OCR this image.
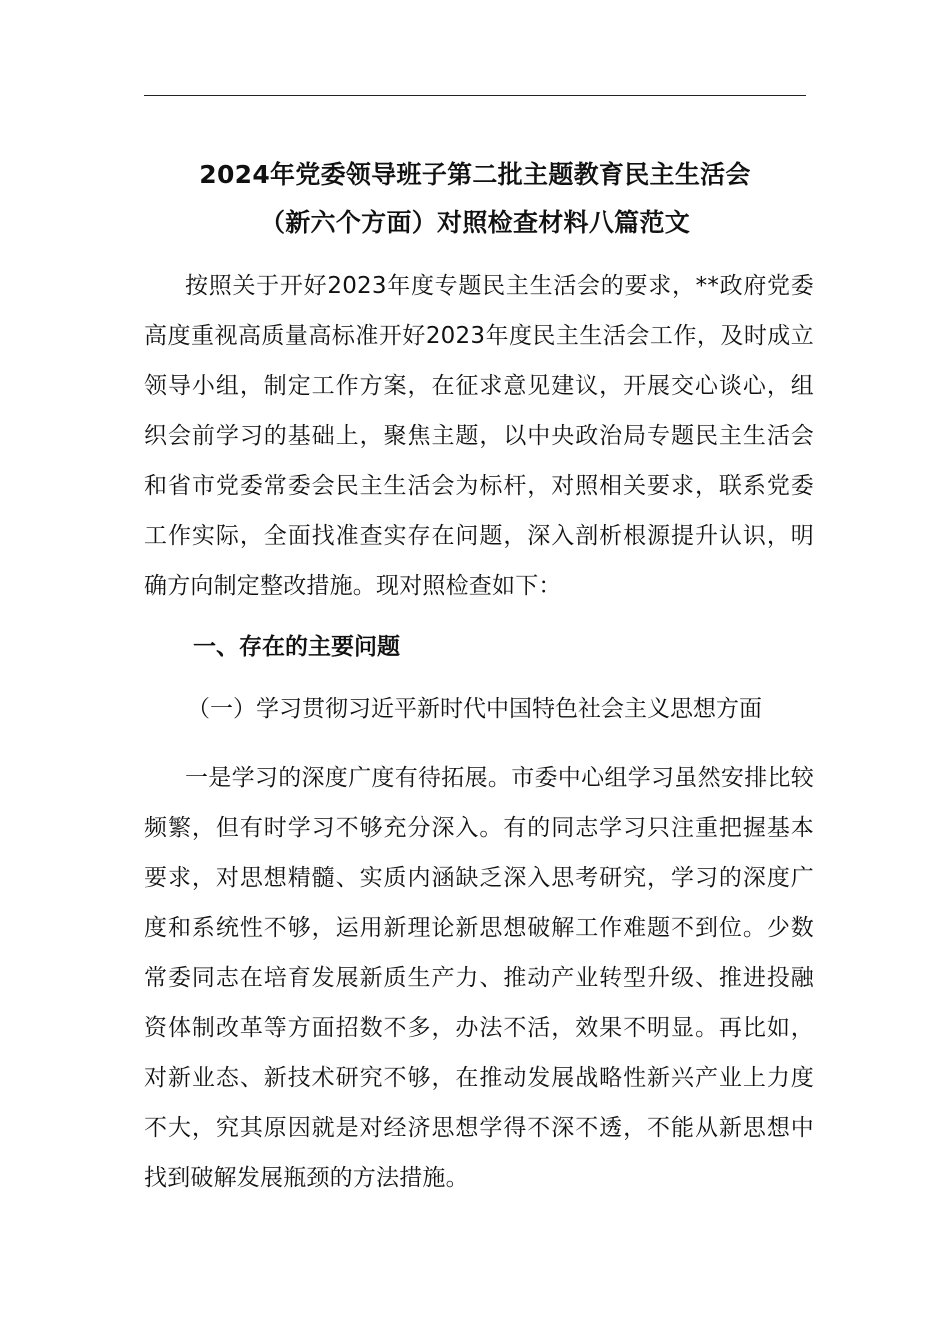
2024年党委领导班子第二批主题教育民主生活会
（新六个方面）对照检查材料八篇范文

按照关于开好2023年度专题民主生活会的要求，**政府党委高度重视高质量高标准开好2023年度民主生活会工作，及时成立领导小组，制定工作方案，在征求意见建议，开展交心谈心，组织会前学习的基础上，聚焦主题，以中央政治局专题民主生活会和省市党委常委会民主生活会为标杆，对照相关要求，联系党委工作实际，全面找准查实存在问题，深入剖析根源提升认识，明确方向制定整改措施。现对照检查如下：

一、存在的主要问题
（一）学习贯彻习近平新时代中国特色社会主义思想方面

一是学习的深度广度有待拓展。市委中心组学习虽然安排比较频繁，但有时学习不够充分深入。有的同志学习只注重把握基本要求，对思想精髓、实质内涵缺乏深入思考研究，学习的深度广度和系统性不够，运用新理论新思想破解工作难题不到位。少数常委同志在培育发展新质生产力、推动产业转型升级、推进投融资体制改革等方面招数不多，办法不活，效果不明显。再比如，对新业态、新技术研究不够，在推动发展战略性新兴产业上力度不大，究其原因就是对经济思想学得不深不透，不能从新思想中找到破解发展瓶颈的方法措施。
